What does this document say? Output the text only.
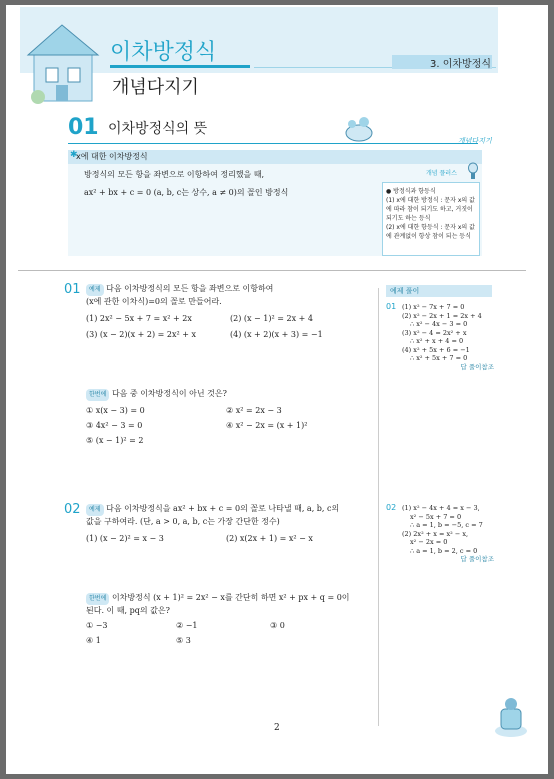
이차방정식
개념다지기
3. 이차방정식
01 이차방정식의 뜻
개념다지기
✱
x에 대한 이차방정식
방정식의 모든 항을 좌변으로 이항하여 정리했을 때,
ax² + bx + c = 0 (a, b, c는 상수, a ≠ 0)의 꼴인 방정식
개념 플러스
● 방정식과 항등식
(1) x에 대한 방정식 : 문자 x의 값에 따라 참이 되기도 하고, 거짓이 되기도 하는 등식
(2) x에 대한 항등식 : 문자 x의 값에 관계없이 항상 참이 되는 등식
01	예제 다음 이차방정식의 모든 항을 좌변으로 이항하여
(x에 관한 이차식)=0의 꼴로 만들어라.
(1) 2x² − 5x + 7 = x² + 2x	(2) (x − 1)² = 2x + 4
(3) (x − 2)(x + 2) = 2x² + x	(4) (x + 2)(x + 3) = −1
한번에 다음 중 이차방정식이 아닌 것은?
① x(x − 3) = 0	② x² = 2x − 3
③ 4x² − 3 = 0	④ x² − 2x = (x + 1)²
⑤ (x − 1)² = 2
02	예제 다음 이차방정식을 ax² + bx + c = 0의 꼴로 나타낼 때, a, b, c의
값을 구하여라. (단, a > 0, a, b, c는 가장 간단한 정수)
(1) (x − 2)² = x − 3	(2) x(2x + 1) = x² − x
한번에 이차방정식 (x + 1)² = 2x² − x를 간단히 하면 x² + px + q = 0이
된다. 이 때, pq의 값은?
① −3	② −1	③ 0
④ 1	⑤ 3
예제 풀이
01 (1) x² − 7x + 7 = 0
(2) x² − 2x + 1 = 2x + 4
∴ x² − 4x − 3 = 0
(3) x² − 4 = 2x² + x
∴ x² + x + 4 = 0
(4) x² + 5x + 6 = −1
∴ x² + 5x + 7 = 0
답 풀이참조
02 (1) x² − 4x + 4 = x − 3,
x² − 5x + 7 = 0
∴ a = 1, b = −5, c = 7
(2) 2x² + x = x² − x,
x² − 2x = 0
∴ a = 1, b = 2, c = 0
답 풀이참조
2
